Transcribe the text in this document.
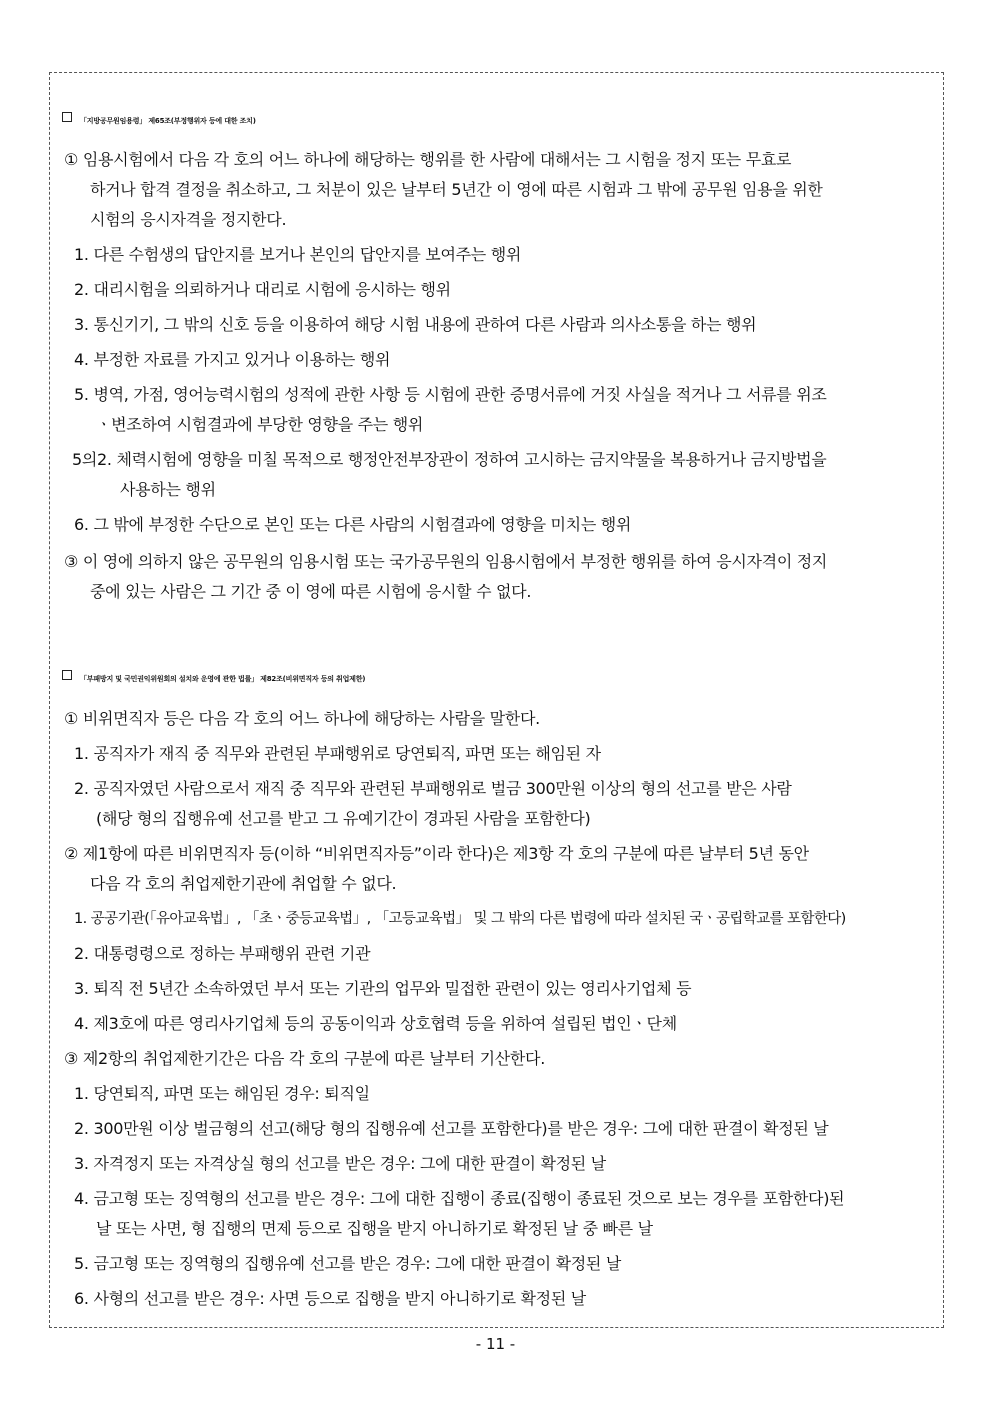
「지방공무원임용령」 제65조(부정행위자 등에 대한 조치)
① 임용시험에서 다음 각 호의 어느 하나에 해당하는 행위를 한 사람에 대해서는 그 시험을 정지 또는 무효로
하거나 합격 결정을 취소하고, 그 처분이 있은 날부터 5년간 이 영에 따른 시험과 그 밖에 공무원 임용을 위한
시험의 응시자격을 정지한다.
1. 다른 수험생의 답안지를 보거나 본인의 답안지를 보여주는 행위
2. 대리시험을 의뢰하거나 대리로 시험에 응시하는 행위
3. 통신기기, 그 밖의 신호 등을 이용하여 해당 시험 내용에 관하여 다른 사람과 의사소통을 하는 행위
4. 부정한 자료를 가지고 있거나 이용하는 행위
5. 병역, 가점, 영어능력시험의 성적에 관한 사항 등 시험에 관한 증명서류에 거짓 사실을 적거나 그 서류를 위조
ㆍ변조하여 시험결과에 부당한 영향을 주는 행위
5의2. 체력시험에 영향을 미칠 목적으로 행정안전부장관이 정하여 고시하는 금지약물을 복용하거나 금지방법을
사용하는 행위
6. 그 밖에 부정한 수단으로 본인 또는 다른 사람의 시험결과에 영향을 미치는 행위
③ 이 영에 의하지 않은 공무원의 임용시험 또는 국가공무원의 임용시험에서 부정한 행위를 하여 응시자격이 정지
중에 있는 사람은 그 기간 중 이 영에 따른 시험에 응시할 수 없다.
「부패방지 및 국민권익위원회의 설치와 운영에 관한 법률」 제82조(비위면직자 등의 취업제한)
① 비위면직자 등은 다음 각 호의 어느 하나에 해당하는 사람을 말한다.
1. 공직자가 재직 중 직무와 관련된 부패행위로 당연퇴직, 파면 또는 해임된 자
2. 공직자였던 사람으로서 재직 중 직무와 관련된 부패행위로 벌금 300만원 이상의 형의 선고를 받은 사람
(해당 형의 집행유예 선고를 받고 그 유예기간이 경과된 사람을 포함한다)
② 제1항에 따른 비위면직자 등(이하 “비위면직자등”이라 한다)은 제3항 각 호의 구분에 따른 날부터 5년 동안
다음 각 호의 취업제한기관에 취업할 수 없다.
1. 공공기관(「유아교육법」, 「초ㆍ중등교육법」, 「고등교육법」 및 그 밖의 다른 법령에 따라 설치된 국ㆍ공립학교를 포함한다)
2. 대통령령으로 정하는 부패행위 관련 기관
3. 퇴직 전 5년간 소속하였던 부서 또는 기관의 업무와 밀접한 관련이 있는 영리사기업체 등
4. 제3호에 따른 영리사기업체 등의 공동이익과 상호협력 등을 위하여 설립된 법인ㆍ단체
③ 제2항의 취업제한기간은 다음 각 호의 구분에 따른 날부터 기산한다.
1. 당연퇴직, 파면 또는 해임된 경우: 퇴직일
2. 300만원 이상 벌금형의 선고(해당 형의 집행유예 선고를 포함한다)를 받은 경우: 그에 대한 판결이 확정된 날
3. 자격정지 또는 자격상실 형의 선고를 받은 경우: 그에 대한 판결이 확정된 날
4. 금고형 또는 징역형의 선고를 받은 경우: 그에 대한 집행이 종료(집행이 종료된 것으로 보는 경우를 포함한다)된
날 또는 사면, 형 집행의 면제 등으로 집행을 받지 아니하기로 확정된 날 중 빠른 날
5. 금고형 또는 징역형의 집행유예 선고를 받은 경우: 그에 대한 판결이 확정된 날
6. 사형의 선고를 받은 경우: 사면 등으로 집행을 받지 아니하기로 확정된 날
- 11 -
